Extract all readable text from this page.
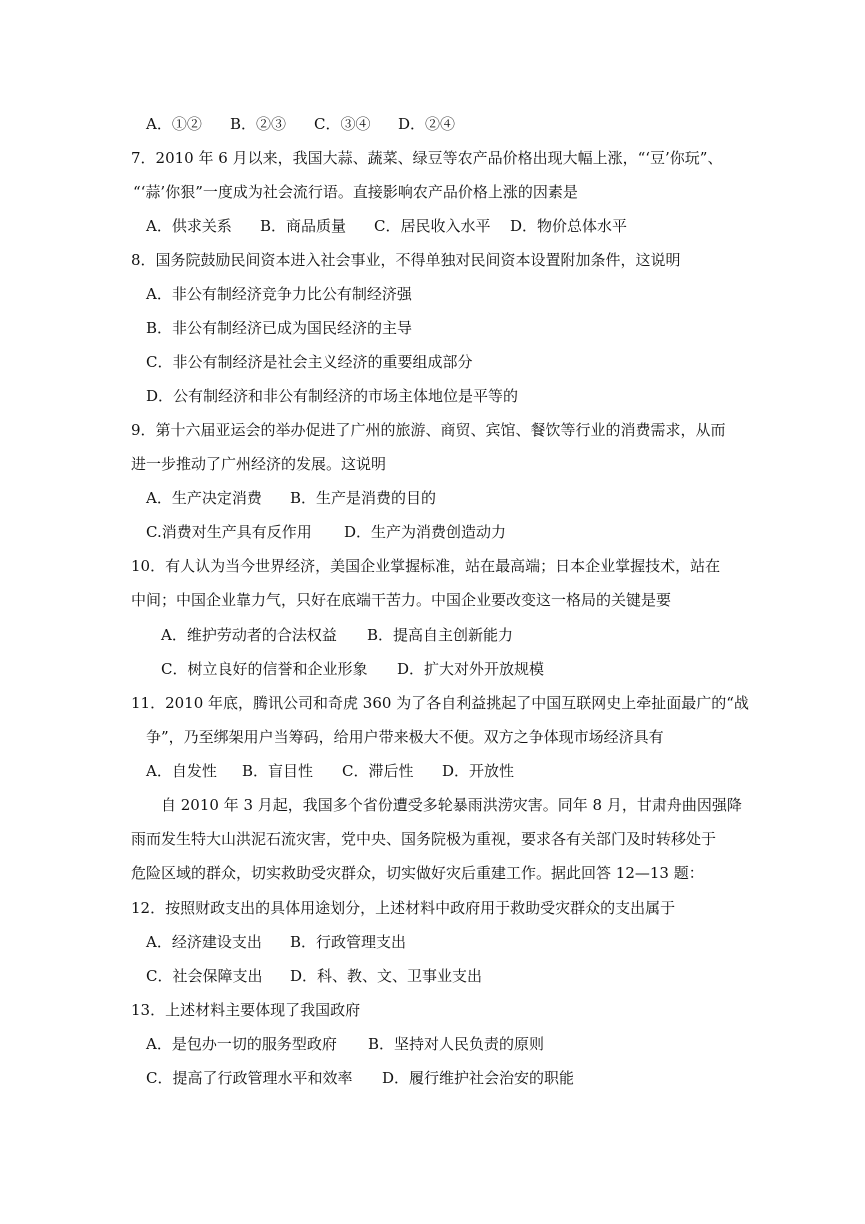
A．①② B．②③ C．③④ D．②④
7．2010 年 6 月以来，我国大蒜、蔬菜、绿豆等农产品价格出现大幅上涨，“‘豆’你玩”、
“‘蒜’你狠”一度成为社会流行语。直接影响农产品价格上涨的因素是
A．供求关系 B．商品质量 C．居民收入水平 D．物价总体水平
8．国务院鼓励民间资本进入社会事业，不得单独对民间资本设置附加条件，这说明
A．非公有制经济竞争力比公有制经济强
B．非公有制经济已成为国民经济的主导
C．非公有制经济是社会主义经济的重要组成部分
D．公有制经济和非公有制经济的市场主体地位是平等的
9．第十六届亚运会的举办促进了广州的旅游、商贸、宾馆、餐饮等行业的消费需求，从而
进一步推动了广州经济的发展。这说明
A．生产决定消费 B．生产是消费的目的
C.消费对生产具有反作用 D．生产为消费创造动力
10．有人认为当今世界经济，美国企业掌握标准，站在最高端；日本企业掌握技术，站在
中间；中国企业靠力气，只好在底端干苦力。中国企业要改变这一格局的关键是要
A．维护劳动者的合法权益 B．提高自主创新能力
C．树立良好的信誉和企业形象 D．扩大对外开放规模
11．2010 年底，腾讯公司和奇虎 360 为了各自利益挑起了中国互联网史上牵扯面最广的“战
争”，乃至绑架用户当筹码，给用户带来极大不便。双方之争体现市场经济具有
A．自发性 B．盲目性 C．滞后性 D．开放性
自 2010 年 3 月起，我国多个省份遭受多轮暴雨洪涝灾害。同年 8 月，甘肃舟曲因强降
雨而发生特大山洪泥石流灾害，党中央、国务院极为重视，要求各有关部门及时转移处于
危险区域的群众，切实救助受灾群众，切实做好灾后重建工作。据此回答 12—13 题：
12．按照财政支出的具体用途划分，上述材料中政府用于救助受灾群众的支出属于
A．经济建设支出 B．行政管理支出
C．社会保障支出 D．科、教、文、卫事业支出
13．上述材料主要体现了我国政府
A．是包办一切的服务型政府 B．坚持对人民负责的原则
C．提高了行政管理水平和效率 D．履行维护社会治安的职能
